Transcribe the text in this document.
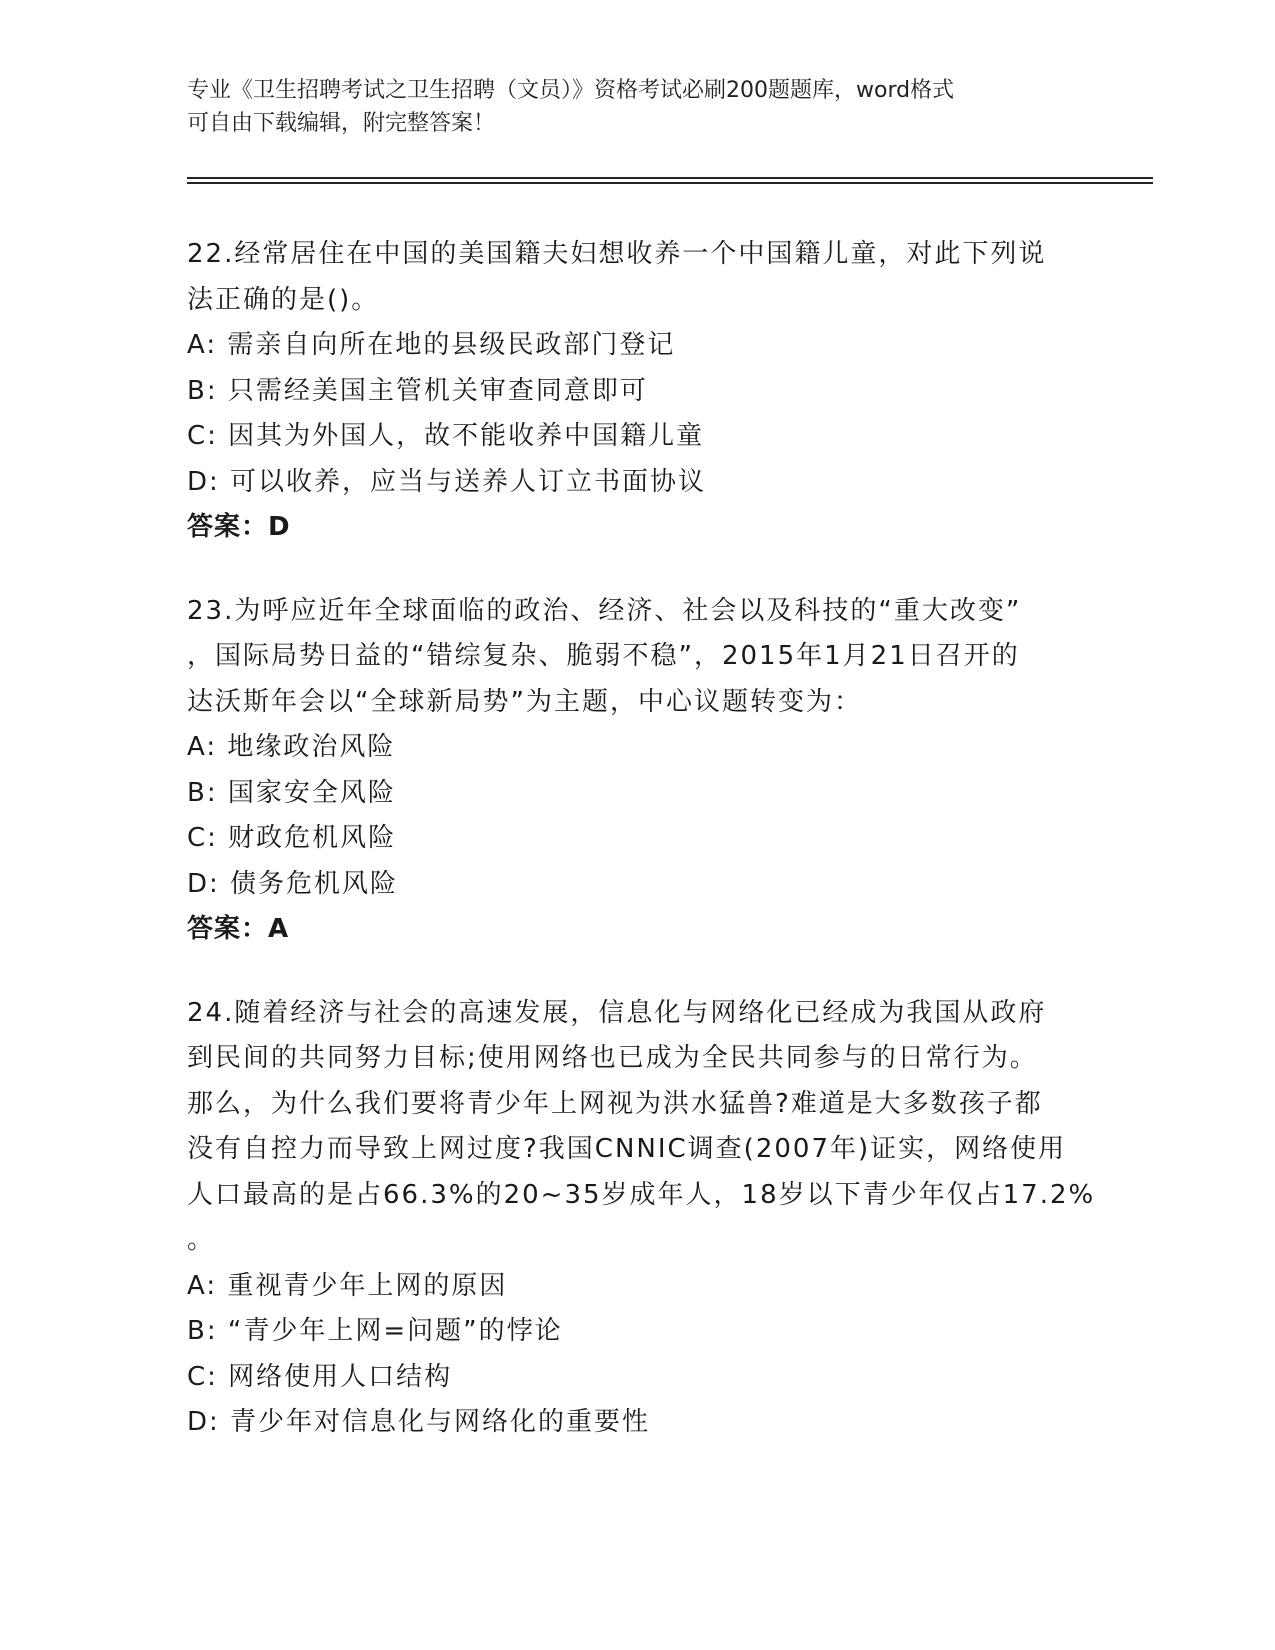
专业《卫生招聘考试之卫生招聘（文员）》资格考试必刷200题题库，word格式
可自由下载编辑，附完整答案！
22.经常居住在中国的美国籍夫妇想收养一个中国籍儿童，对此下列说
法正确的是()。
A: 需亲自向所在地的县级民政部门登记
B: 只需经美国主管机关审查同意即可
C: 因其为外国人，故不能收养中国籍儿童
D: 可以收养，应当与送养人订立书面协议
答案：D
23.为呼应近年全球面临的政治、经济、社会以及科技的“重大改变”
，国际局势日益的“错综复杂、脆弱不稳”，2015年1月21日召开的
达沃斯年会以“全球新局势”为主题，中心议题转变为：
A: 地缘政治风险
B: 国家安全风险
C: 财政危机风险
D: 债务危机风险
答案：A
24.随着经济与社会的高速发展，信息化与网络化已经成为我国从政府
到民间的共同努力目标;使用网络也已成为全民共同参与的日常行为。
那么，为什么我们要将青少年上网视为洪水猛兽?难道是大多数孩子都
没有自控力而导致上网过度?我国CNNIC调查(2007年)证实，网络使用
人口最高的是占66.3%的20~35岁成年人，18岁以下青少年仅占17.2%
。
A: 重视青少年上网的原因
B: “青少年上网=问题”的悖论
C: 网络使用人口结构
D: 青少年对信息化与网络化的重要性
